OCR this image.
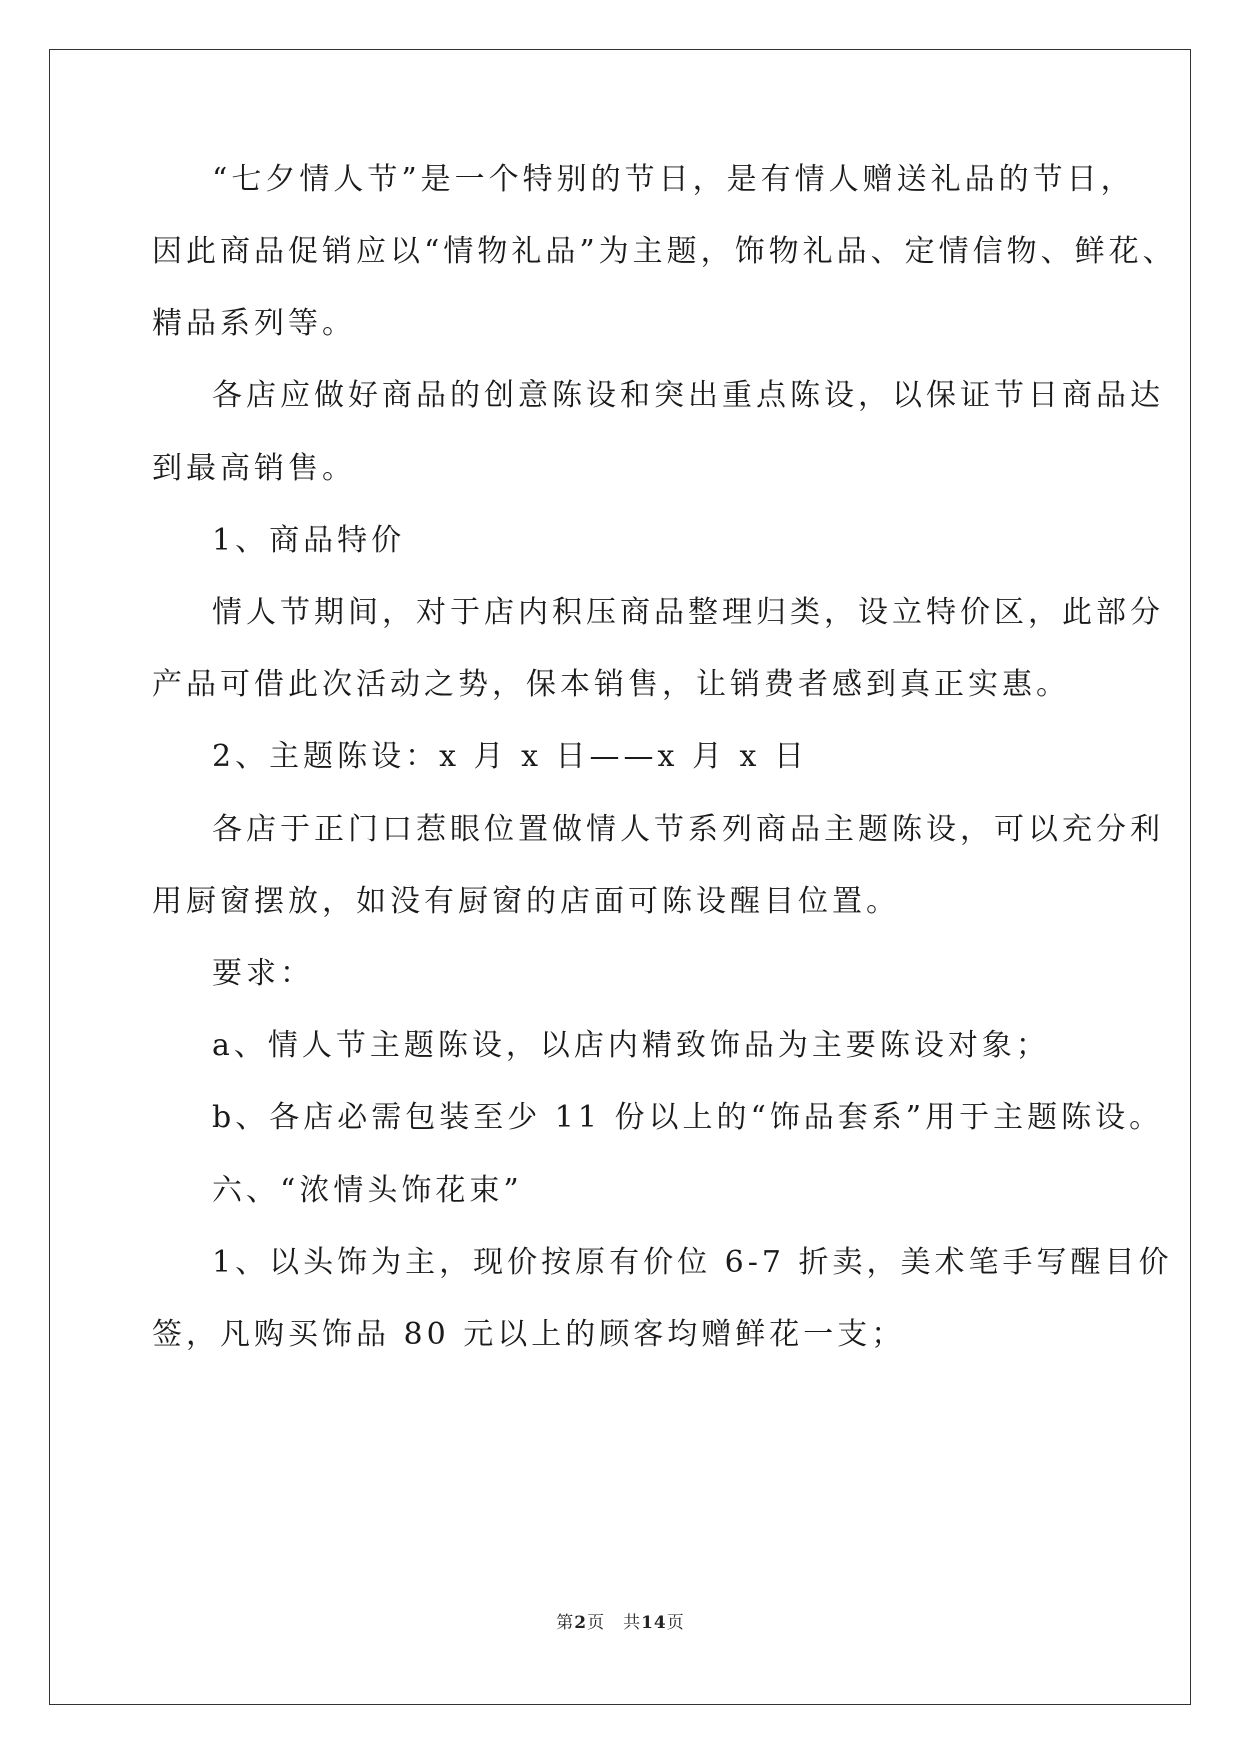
“七夕情人节”是一个特别的节日，是有情人赠送礼品的节日，
因此商品促销应以“情物礼品”为主题，饰物礼品、定情信物、鲜花、
精品系列等。
各店应做好商品的创意陈设和突出重点陈设，以保证节日商品达
到最高销售。
1、商品特价
情人节期间，对于店内积压商品整理归类，设立特价区，此部分
产品可借此次活动之势，保本销售，让销费者感到真正实惠。
2、主题陈设：x 月 x 日——x 月 x 日
各店于正门口惹眼位置做情人节系列商品主题陈设，可以充分利
用厨窗摆放，如没有厨窗的店面可陈设醒目位置。
要求：
a、情人节主题陈设，以店内精致饰品为主要陈设对象；
b、各店必需包装至少 11 份以上的“饰品套系”用于主题陈设。
六、“浓情头饰花束”
1、以头饰为主，现价按原有价位 6-7 折卖，美术笔手写醒目价
签，凡购买饰品 80 元以上的顾客均赠鲜花一支；
第2页 共14页
